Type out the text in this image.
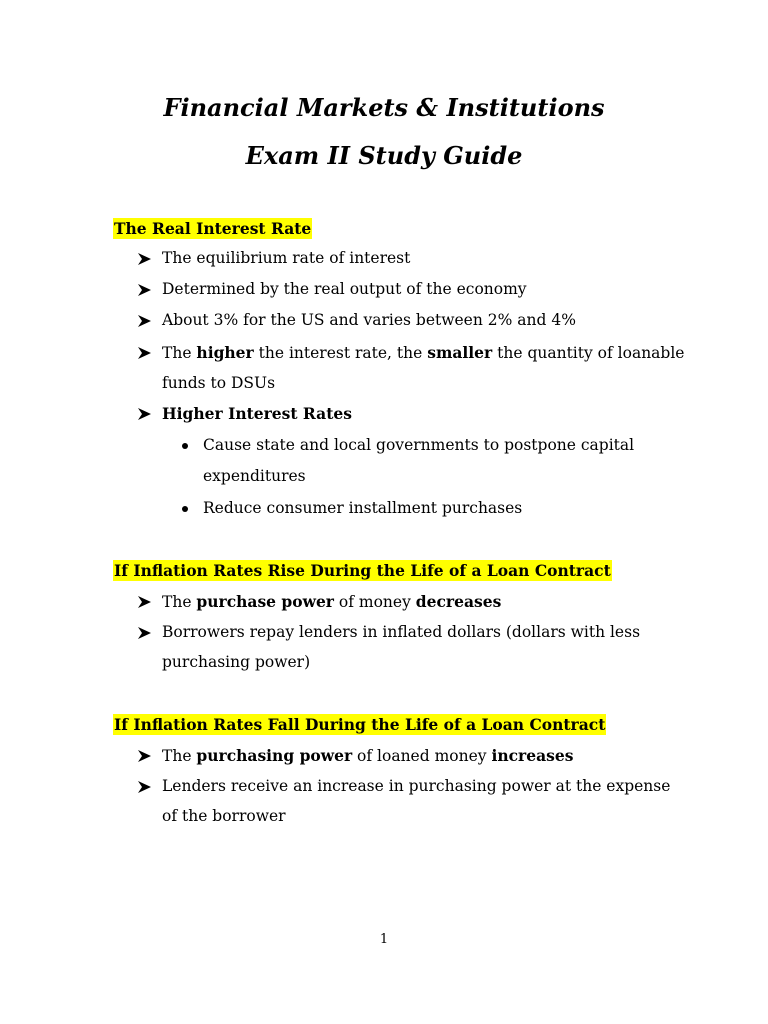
Financial Markets & Institutions
Exam II Study Guide
The Real Interest Rate
The equilibrium rate of interest
Determined by the real output of the economy
About 3% for the US and varies between 2% and 4%
The higher the interest rate, the smaller the quantity of loanable
funds to DSUs
Higher Interest Rates
Cause state and local governments to postpone capital
expenditures
Reduce consumer installment purchases
If Inflation Rates Rise During the Life of a Loan Contract
The purchase power of money decreases
Borrowers repay lenders in inflated dollars (dollars with less
purchasing power)
If Inflation Rates Fall During the Life of a Loan Contract
The purchasing power of loaned money increases
Lenders receive an increase in purchasing power at the expense
of the borrower
1
